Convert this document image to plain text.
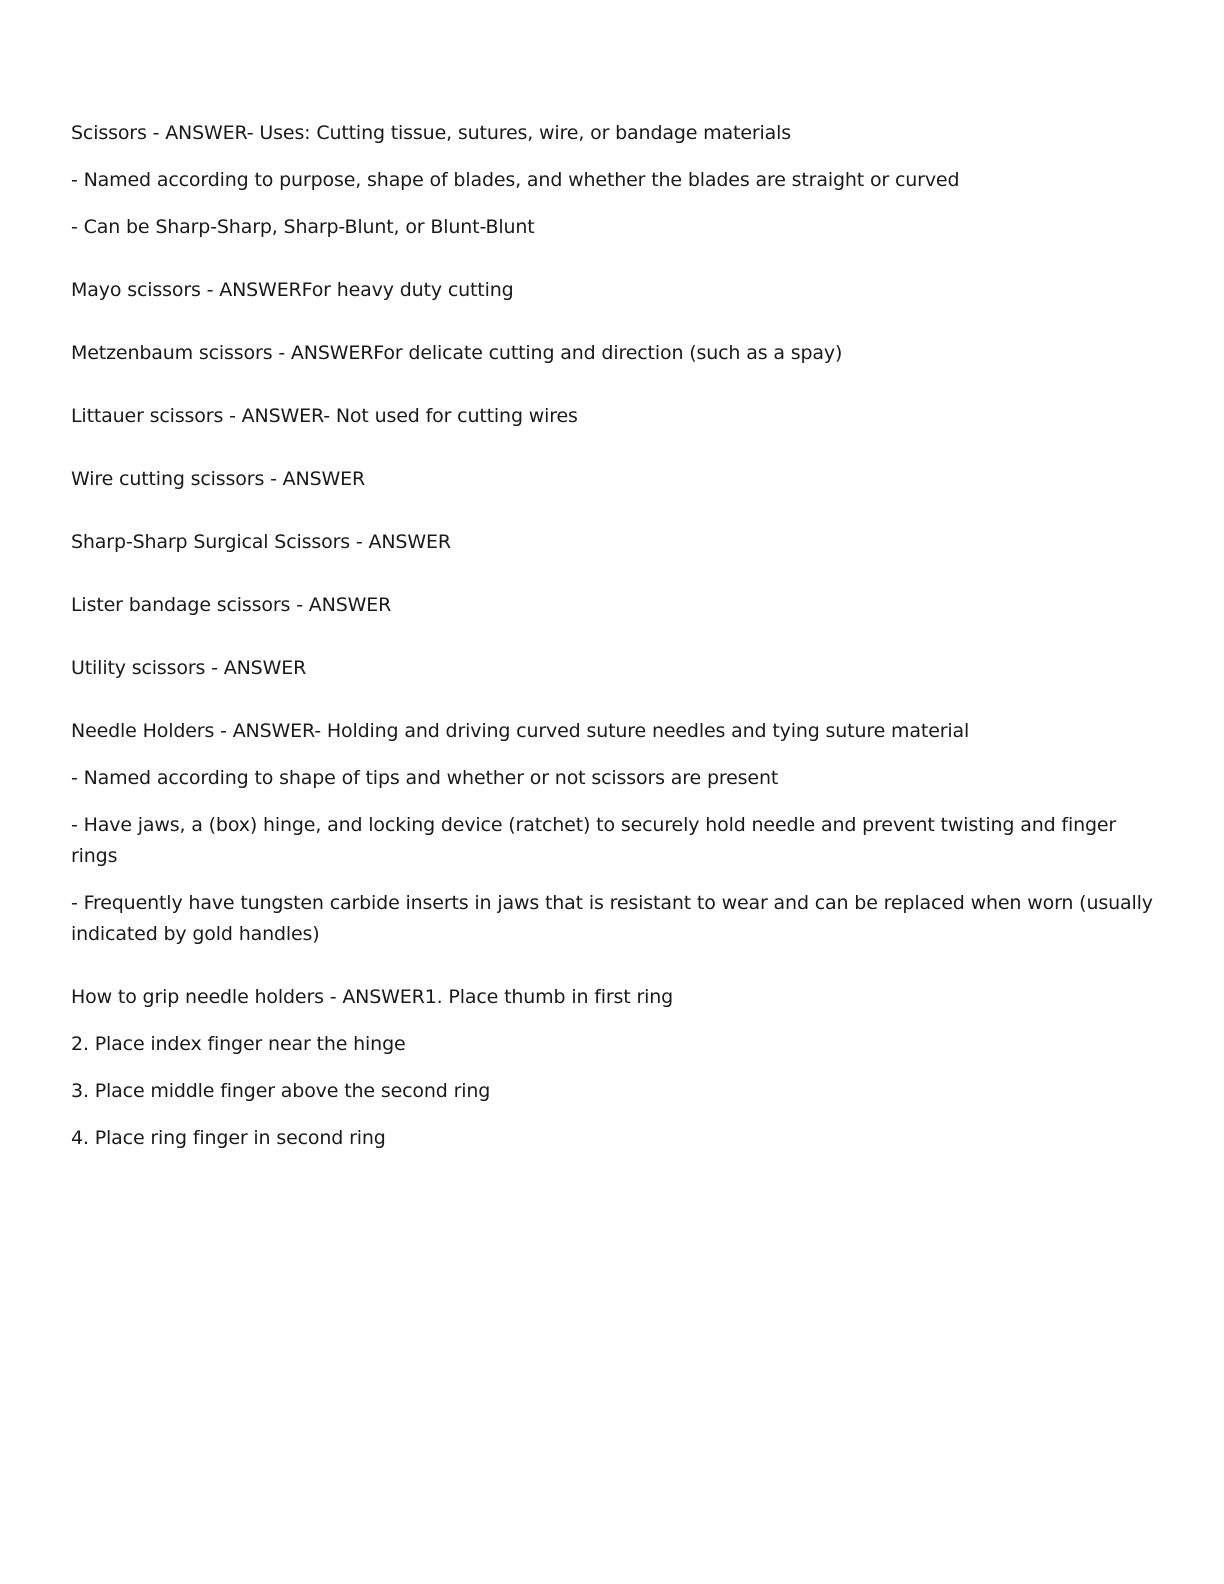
Scissors - ANSWER- Uses: Cutting tissue, sutures, wire, or bandage materials

- Named according to purpose, shape of blades, and whether the blades are straight or curved

- Can be Sharp-Sharp, Sharp-Blunt, or Blunt-Blunt

Mayo scissors - ANSWERFor heavy duty cutting

Metzenbaum scissors - ANSWERFor delicate cutting and direction (such as a spay)

Littauer scissors - ANSWER- Not used for cutting wires

Wire cutting scissors - ANSWER

Sharp-Sharp Surgical Scissors - ANSWER

Lister bandage scissors - ANSWER

Utility scissors - ANSWER

Needle Holders - ANSWER- Holding and driving curved suture needles and tying suture material

- Named according to shape of tips and whether or not scissors are present

- Have jaws, a (box) hinge, and locking device (ratchet) to securely hold needle and prevent twisting and finger rings

- Frequently have tungsten carbide inserts in jaws that is resistant to wear and can be replaced when worn (usually indicated by gold handles)

How to grip needle holders - ANSWER1. Place thumb in first ring

2. Place index finger near the hinge

3. Place middle finger above the second ring

4. Place ring finger in second ring
